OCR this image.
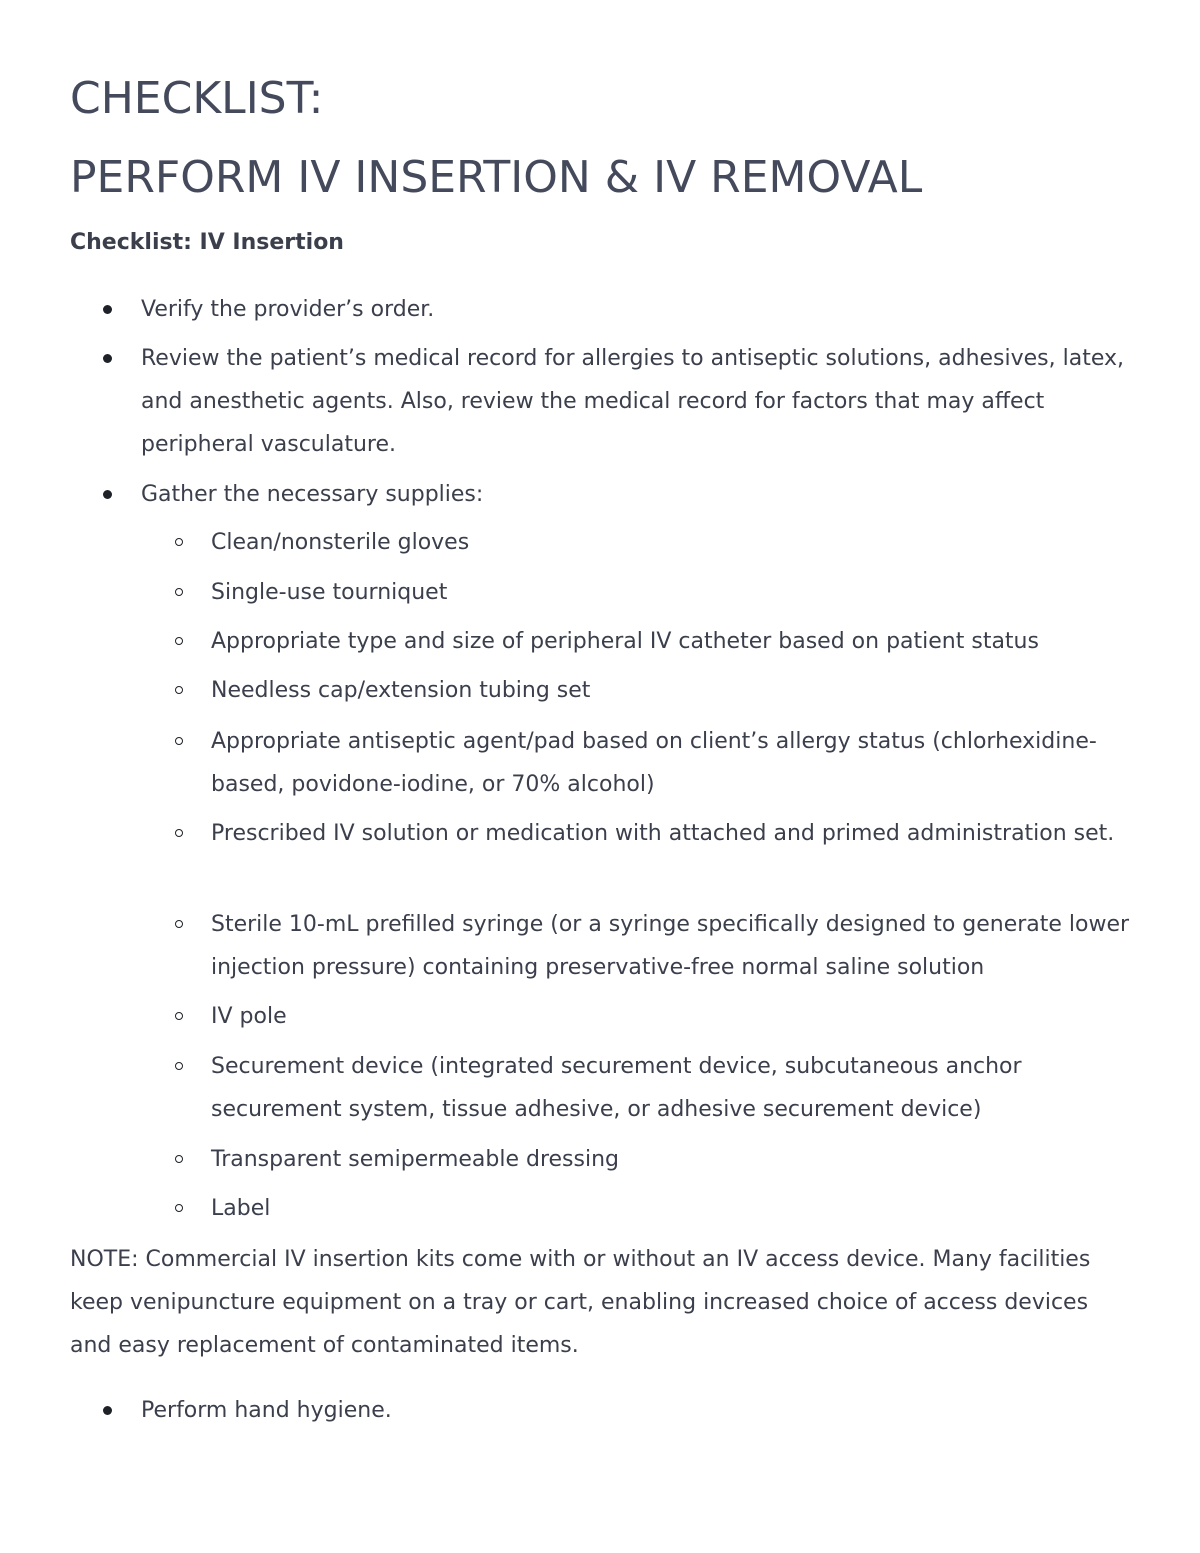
CHECKLIST:
PERFORM IV INSERTION & IV REMOVAL
Checklist: IV Insertion
Verify the provider’s order.
Review the patient’s medical record for allergies to antiseptic solutions, adhesives, latex, and anesthetic agents. Also, review the medical record for factors that may affect peripheral vasculature.
Gather the necessary supplies:
Clean/nonsterile gloves
Single-use tourniquet
Appropriate type and size of peripheral IV catheter based on patient status
Needless cap/extension tubing set
Appropriate antiseptic agent/pad based on client’s allergy status (chlorhexidine-based, povidone-iodine, or 70% alcohol)
Prescribed IV solution or medication with attached and primed administration set.
Sterile 10-mL prefilled syringe (or a syringe specifically designed to generate lower injection pressure) containing preservative-free normal saline solution
IV pole
Securement device (integrated securement device, subcutaneous anchor securement system, tissue adhesive, or adhesive securement device)
Transparent semipermeable dressing
Label

NOTE: Commercial IV insertion kits come with or without an IV access device. Many facilities keep venipuncture equipment on a tray or cart, enabling increased choice of access devices and easy replacement of contaminated items.

Perform hand hygiene.
